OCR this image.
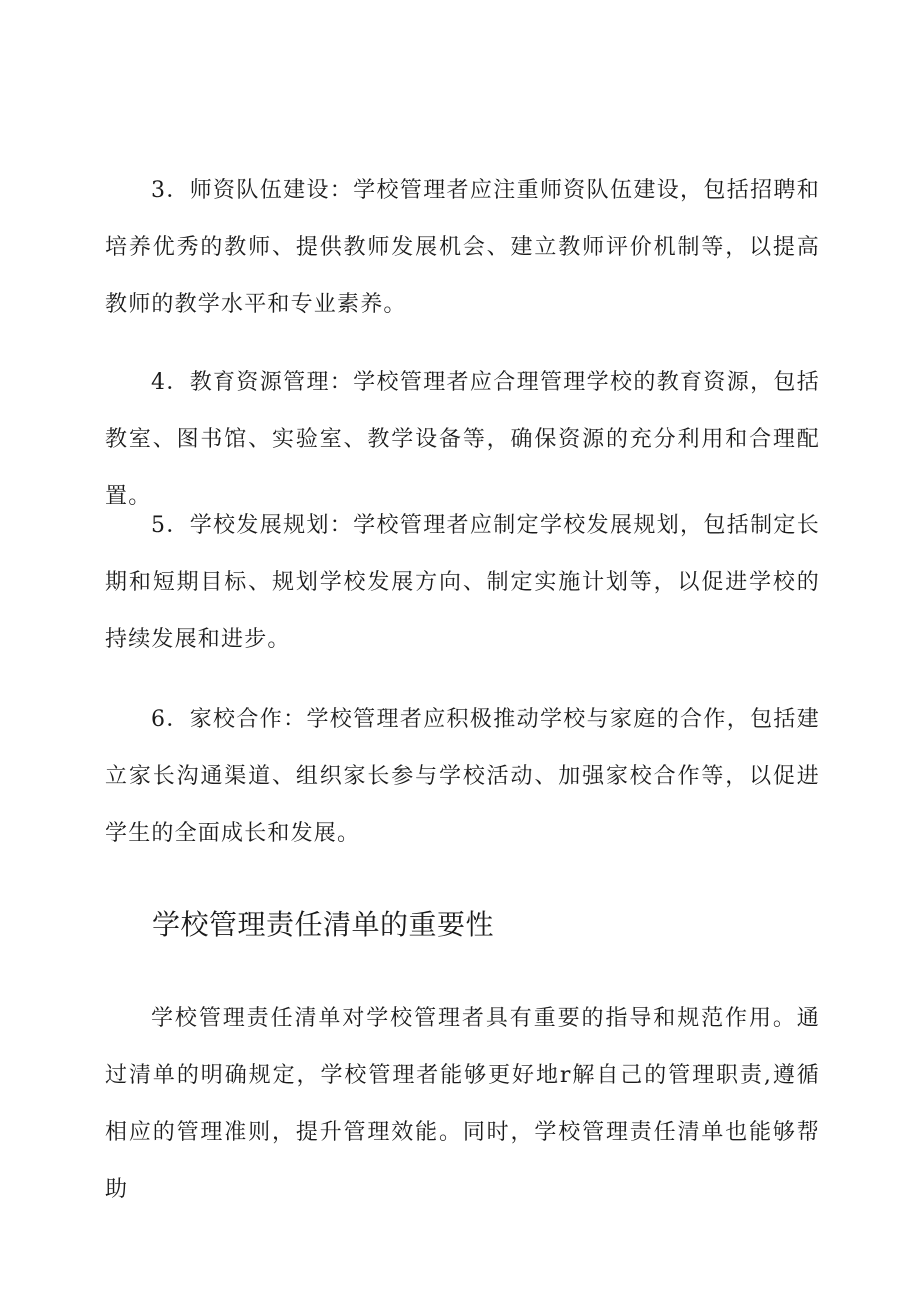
3．师资队伍建设：学校管理者应注重师资队伍建设，包括招聘和培养优秀的教师、提供教师发展机会、建立教师评价机制等，以提高教师的教学水平和专业素养。

4．教育资源管理：学校管理者应合理管理学校的教育资源，包括教室、图书馆、实验室、教学设备等，确保资源的充分利用和合理配置。

5．学校发展规划：学校管理者应制定学校发展规划，包括制定长期和短期目标、规划学校发展方向、制定实施计划等，以促进学校的持续发展和进步。

6．家校合作：学校管理者应积极推动学校与家庭的合作，包括建立家长沟通渠道、组织家长参与学校活动、加强家校合作等，以促进学生的全面成长和发展。

学校管理责任清单的重要性

学校管理责任清单对学校管理者具有重要的指导和规范作用。通过清单的明确规定，学校管理者能够更好地r解自己的管理职责,遵循相应的管理准则，提升管理效能。同时，学校管理责任清单也能够帮助
